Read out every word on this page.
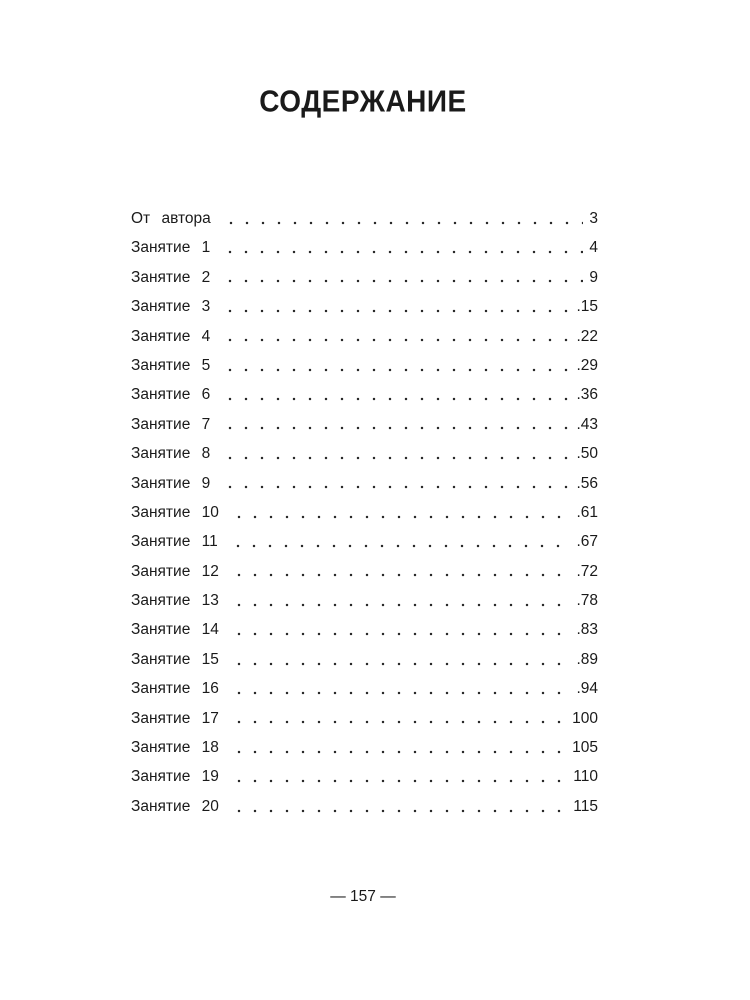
СОДЕРЖАНИЕ
От автора	3
Занятие 1	4
Занятие 2	9
Занятие 3	.15
Занятие 4	.22
Занятие 5	.29
Занятие 6	.36
Занятие 7	.43
Занятие 8	.50
Занятие 9	.56
Занятие 10	.61
Занятие 11	.67
Занятие 12	.72
Занятие 13	.78
Занятие 14	.83
Занятие 15	.89
Занятие 16	.94
Занятие 17	100
Занятие 18	105
Занятие 19	110
Занятие 20	115
— 157 —
